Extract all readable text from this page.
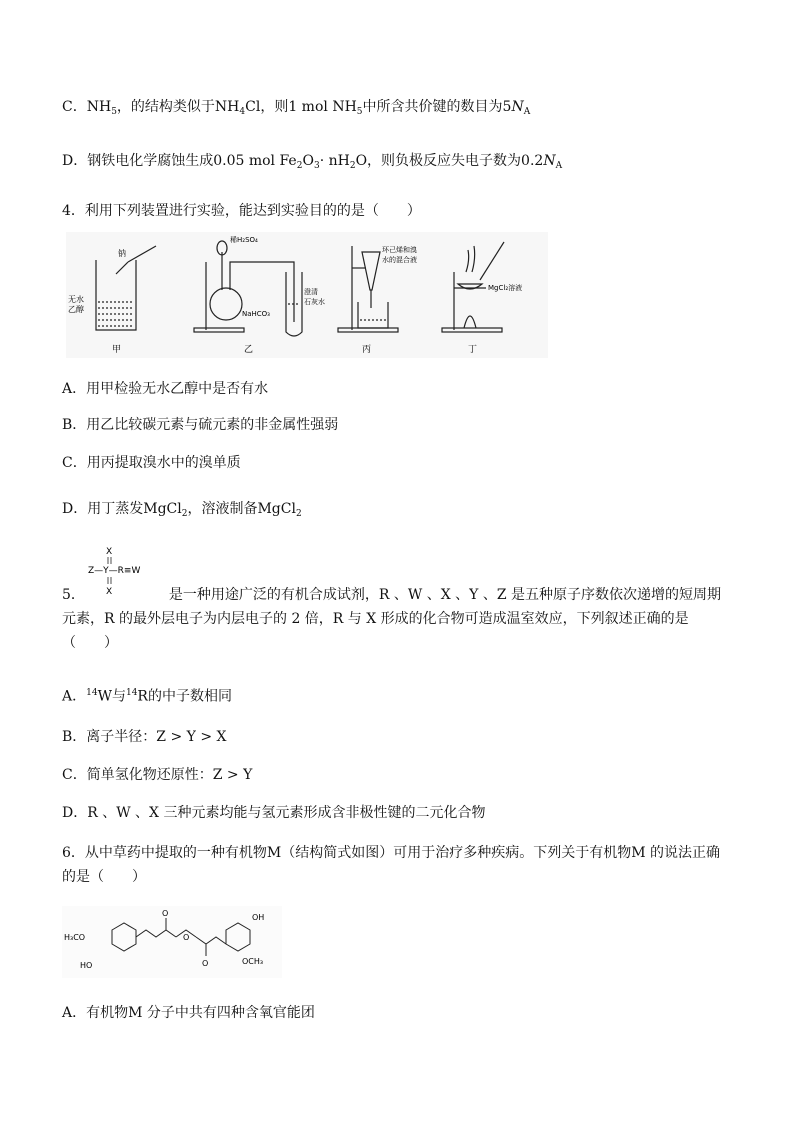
C．$NH_5$，的结构类似于$NH_4Cl$，则1 mol $NH_5$中所含共价键的数目为$5N_A$
D．钢铁电化学腐蚀生成0.05 mol $Fe_2O_3\cdot nH_2O$，则负极反应失电子数为$0.2N_A$
4．利用下列装置进行实验，能达到实验目的的是（　　）
钠
无水
乙醇
甲
稀H₂SO₄
NaHCO₃
澄清
石灰水
乙
环己烯和溴
水的混合液
丙
MgCl₂溶液
丁
A．用甲检验无水乙醇中是否有水
B．用乙比较碳元素与硫元素的非金属性强弱
C．用丙提取溴水中的溴单质
D．用丁蒸发MgCl$_2$，溶液制备MgCl$_2$
X
Z—Y—R≡W
X
5．	是一种用途广泛的有机合成试剂，R 、W 、X 、Y 、Z 是五种原子序数依次递增的短周期
元素，R 的最外层电子为内层电子的 2 倍，R 与 X 形成的化合物可造成温室效应，下列叙述正确的是
（　　）
A．$^{14}$W与$^{14}$R的中子数相同
B．离子半径：Z > Y > X
C．简单氢化物还原性：Z > Y
D．R 、W 、X 三种元素均能与氢元素形成含非极性键的二元化合物
6．从中草药中提取的一种有机物M（结构简式如图）可用于治疗多种疾病。下列关于有机物M 的说法正确
的是（　　）
H₃CO
HO
O
O
O
OH
OCH₃
A．有机物M 分子中共有四种含氧官能团
